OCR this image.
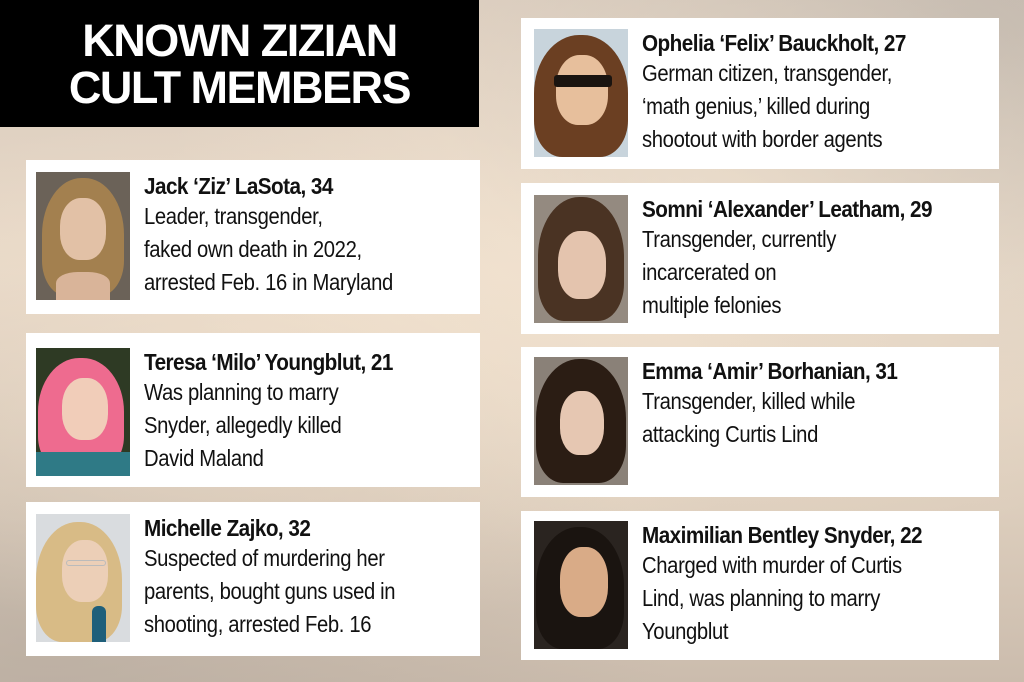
KNOWN ZIZIAN
CULT MEMBERS
Jack ‘Ziz’ LaSota, 34
Leader, transgender,
faked own death in 2022,
arrested Feb. 16 in Maryland
Teresa ‘Milo’ Youngblut, 21
Was planning to marry
Snyder, allegedly killed
David Maland
Michelle Zajko, 32
Suspected of murdering her
parents, bought guns used in
shooting, arrested Feb. 16
Ophelia ‘Felix’ Bauckholt, 27
German citizen, transgender,
‘math genius,’ killed during
shootout with border agents
Somni ‘Alexander’ Leatham, 29
Transgender, currently
incarcerated on
multiple felonies
Emma ‘Amir’ Borhanian, 31
Transgender, killed while
attacking Curtis Lind
Maximilian Bentley Snyder, 22
Charged with murder of Curtis
Lind, was planning to marry
Youngblut
